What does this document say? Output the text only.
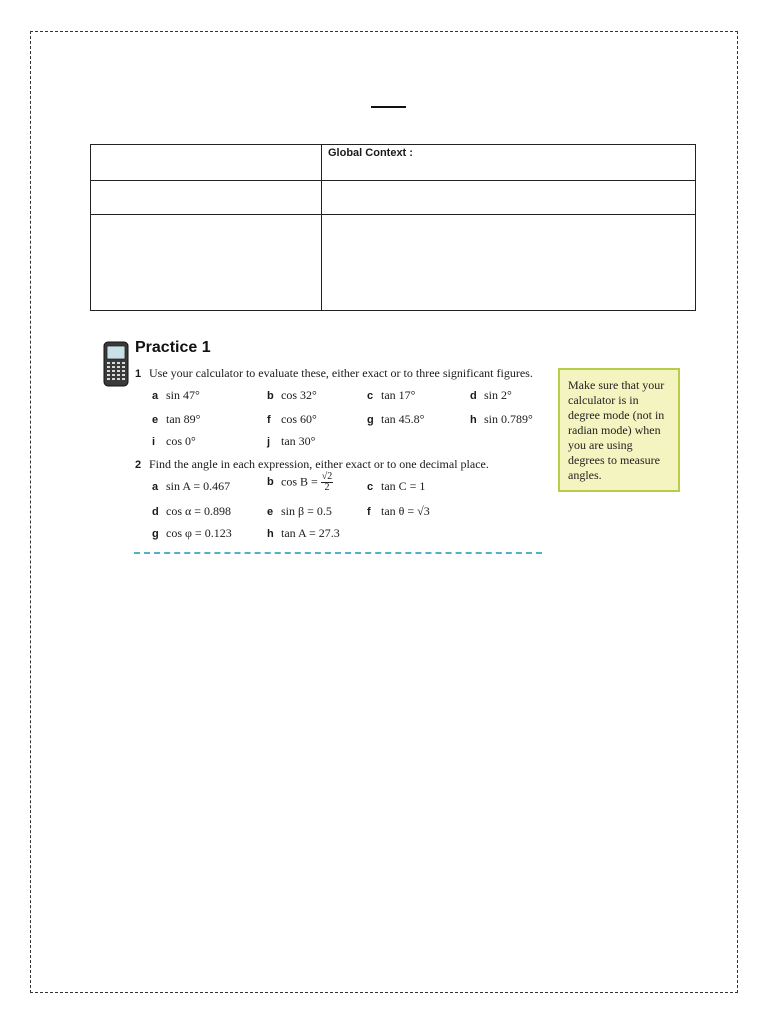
	Global Context :

Practice 1
1 Use your calculator to evaluate these, either exact or to three significant figures.
a sin 47°	b cos 32°	c tan 17°	d sin 2°
e tan 89°	f cos 60°	g tan 45.8°	h sin 0.789°
i cos 0°	j tan 30°
2 Find the angle in each expression, either exact or to one decimal place.
a sin A = 0.467	b $\cos B = \frac{√2}{2}$	c tan C = 1
d cos α = 0.898	e sin β = 0.5	f tan θ = √3
g cos φ = 0.123	h tan A = 27.3
Make sure that your calculator is in degree mode (not in radian mode) when you are using degrees to measure angles.
